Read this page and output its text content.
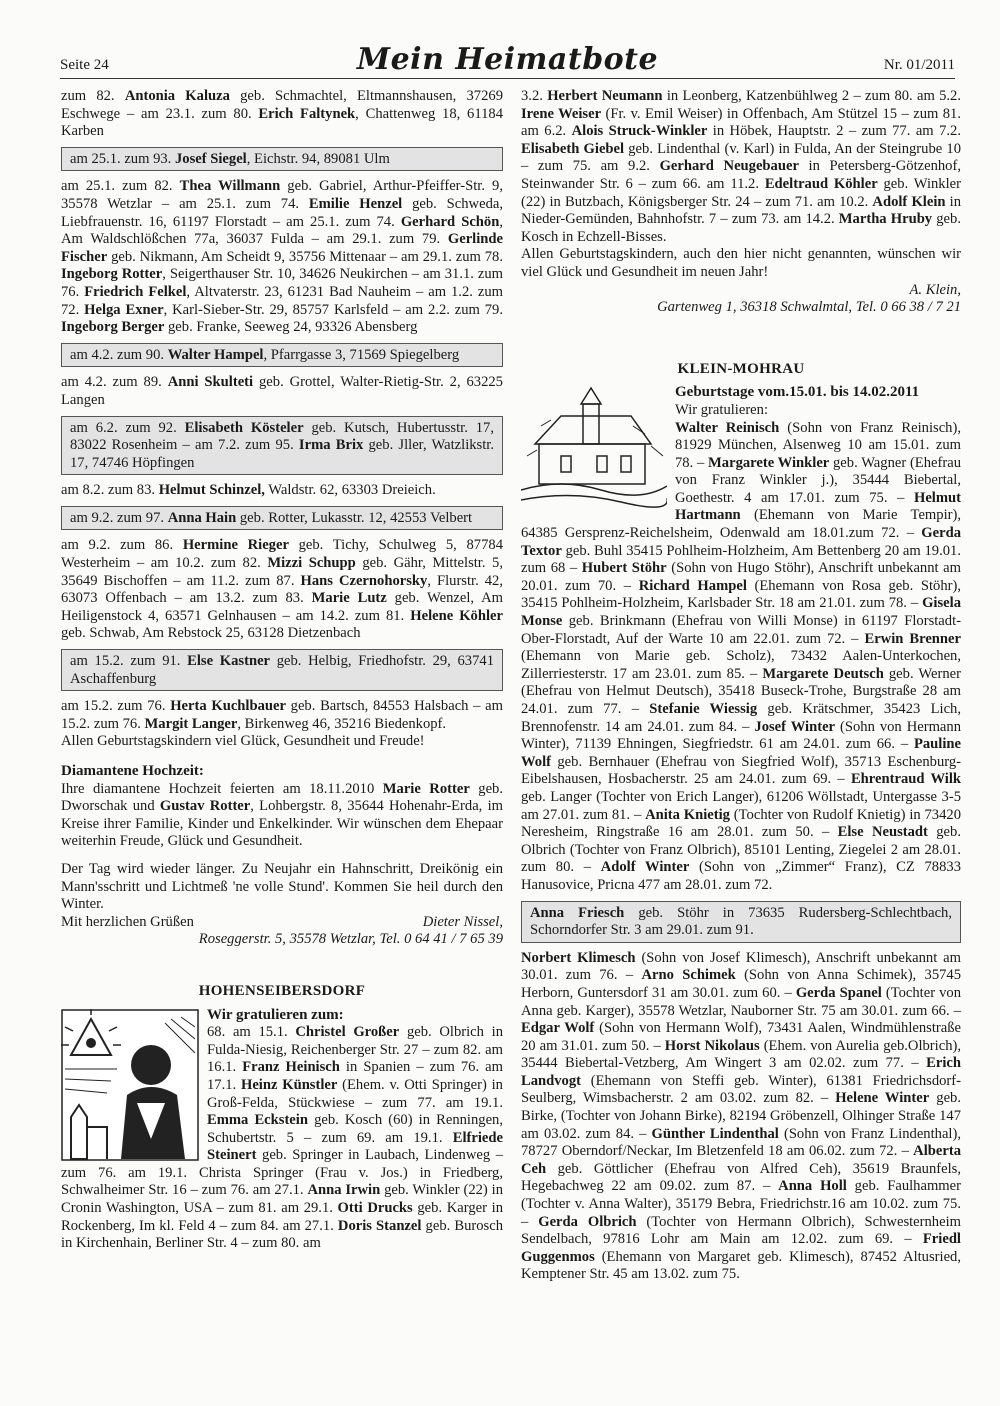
Seite 24	Mein Heimatbote	Nr. 01/2011

zum 82. Antonia Kaluza geb. Schmachtel, Eltmannshausen, 37269 Eschwege – am 23.1. zum 80. Erich Faltynek, Chattenweg 18, 61184 Karben

am 25.1. zum 93. Josef Siegel, Eichstr. 94, 89081 Ulm

am 25.1. zum 82. Thea Willmann geb. Gabriel, Arthur-Pfeiffer-Str. 9, 35578 Wetzlar – am 25.1. zum 74. Emilie Henzel geb. Schweda, Liebfrauenstr. 16, 61197 Florstadt – am 25.1. zum 74. Gerhard Schön, Am Waldschlößchen 77a, 36037 Fulda – am 29.1. zum 79. Gerlinde Fischer geb. Nikmann, Am Scheidt 9, 35756 Mittenaar – am 29.1. zum 78. Ingeborg Rotter, Seigerthauser Str. 10, 34626 Neukirchen – am 31.1. zum 76. Friedrich Felkel, Altvaterstr. 23, 61231 Bad Nauheim – am 1.2. zum 72. Helga Exner, Karl-Sieber-Str. 29, 85757 Karlsfeld – am 2.2. zum 79. Ingeborg Berger geb. Franke, Seeweg 24, 93326 Abensberg

am 4.2. zum 90. Walter Hampel, Pfarrgasse 3, 71569 Spiegelberg

am 4.2. zum 89. Anni Skulteti geb. Grottel, Walter-Rietig-Str. 2, 63225 Langen

am 6.2. zum 92. Elisabeth Kösteler geb. Kutsch, Hubertusstr. 17, 83022 Rosenheim – am 7.2. zum 95. Irma Brix geb. Jller, Watzlikstr. 17, 74746 Höpfingen

am 8.2. zum 83. Helmut Schinzel, Waldstr. 62, 63303 Dreieich.

am 9.2. zum 97. Anna Hain geb. Rotter, Lukasstr. 12, 42553 Velbert

am 9.2. zum 86. Hermine Rieger geb. Tichy, Schulweg 5, 87784 Westerheim – am 10.2. zum 82. Mizzi Schupp geb. Gähr, Mittelstr. 5, 35649 Bischoffen – am 11.2. zum 87. Hans Czernohorsky, Flurstr. 42, 63073 Offenbach – am 13.2. zum 83. Marie Lutz geb. Wenzel, Am Heiligenstock 4, 63571 Gelnhausen – am 14.2. zum 81. Helene Köhler geb. Schwab, Am Rebstock 25, 63128 Dietzenbach

am 15.2. zum 91. Else Kastner geb. Helbig, Friedhofstr. 29, 63741 Aschaffenburg

am 15.2. zum 76. Herta Kuchlbauer geb. Bartsch, 84553 Halsbach – am 15.2. zum 76. Margit Langer, Birkenweg 46, 35216 Biedenkopf.

Allen Geburtstagskindern viel Glück, Gesundheit und Freude!

Diamantene Hochzeit:

Ihre diamantene Hochzeit feierten am 18.11.2010 Marie Rotter geb. Dworschak und Gustav Rotter, Lohbergstr. 8, 35644 Hohenahr-Erda, im Kreise ihrer Familie, Kinder und Enkelkinder. Wir wünschen dem Ehepaar weiterhin Freude, Glück und Gesundheit.

Der Tag wird wieder länger. Zu Neujahr ein Hahnschritt, Dreikönig ein Mann'sschritt und Lichtmeß 'ne volle Stund'. Kommen Sie heil durch den Winter.

Mit herzlichen Grüßen	Dieter Nissel,

Roseggerstr. 5, 35578 Wetzlar, Tel. 0 64 41 / 7 65 39

HOHENSEIBERSDORF
Wir gratulieren zum:

68. am 15.1. Christel Großer geb. Olbrich in Fulda-Niesig, Reichenberger Str. 27 – zum 82. am 16.1. Franz Heinisch in Spanien – zum 76. am 17.1. Heinz Künstler (Ehem. v. Otti Springer) in Groß-Felda, Stückwiese – zum 77. am 19.1. Emma Eckstein geb. Kosch (60) in Renningen, Schubertstr. 5 – zum 69. am 19.1. Elfriede Steinert geb. Springer in Laubach, Lindenweg – zum 76. am 19.1. Christa Springer (Frau v. Jos.) in Friedberg, Schwalheimer Str. 16 – zum 76. am 27.1. Anna Irwin geb. Winkler (22) in Cronin Washington, USA – zum 81. am 29.1. Otti Drucks geb. Karger in Rockenberg, Im kl. Feld 4 – zum 84. am 27.1. Doris Stanzel geb. Burosch in Kirchenhain, Berliner Str. 4 – zum 80. am

3.2. Herbert Neumann in Leonberg, Katzenbühlweg 2 – zum 80. am 5.2. Irene Weiser (Fr. v. Emil Weiser) in Offenbach, Am Stützel 15 – zum 81. am 6.2. Alois Struck-Winkler in Höbek, Hauptstr. 2 – zum 77. am 7.2. Elisabeth Giebel geb. Lindenthal (v. Karl) in Fulda, An der Steingrube 10 – zum 75. am 9.2. Gerhard Neugebauer in Petersberg-Götzenhof, Steinwander Str. 6 – zum 66. am 11.2. Edeltraud Köhler geb. Winkler (22) in Butzbach, Königsberger Str. 24 – zum 71. am 10.2. Adolf Klein in Nieder-Gemünden, Bahnhofstr. 7 – zum 73. am 14.2. Martha Hruby geb. Kosch in Echzell-Bisses.

Allen Geburtstagskindern, auch den hier nicht genannten, wünschen wir viel Glück und Gesundheit im neuen Jahr!

A. Klein,

Gartenweg 1, 36318 Schwalmtal, Tel. 0 66 38 / 7 21

KLEIN-MOHRAU
Geburtstage vom.15.01. bis 14.02.2011

Wir gratulieren:

Walter Reinisch (Sohn von Franz Reinisch), 81929 München, Alsenweg 10 am 15.01. zum 78. – Margarete Winkler geb. Wagner (Ehefrau von Franz Winkler j.), 35444 Biebertal, Goethestr. 4 am 17.01. zum 75. – Helmut Hartmann (Ehemann von Marie Tempir), 64385 Gersprenz-Reichelsheim, Odenwald am 18.01.zum 72. – Gerda Textor geb. Buhl 35415 Pohlheim-Holzheim, Am Bettenberg 20 am 19.01. zum 68 – Hubert Stöhr (Sohn von Hugo Stöhr), Anschrift unbekannt am 20.01. zum 70. – Richard Hampel (Ehemann von Rosa geb. Stöhr), 35415 Pohlheim-Holzheim, Karlsbader Str. 18 am 21.01. zum 78. – Gisela Monse geb. Brinkmann (Ehefrau von Willi Monse) in 61197 Florstadt-Ober-Florstadt, Auf der Warte 10 am 22.01. zum 72. – Erwin Brenner (Ehemann von Marie geb. Scholz), 73432 Aalen-Unterkochen, Zillerriesterstr. 17 am 23.01. zum 85. – Margarete Deutsch geb. Werner (Ehefrau von Helmut Deutsch), 35418 Buseck-Trohe, Burgstraße 28 am 24.01. zum 77. – Stefanie Wiessig geb. Krätschmer, 35423 Lich, Brennofenstr. 14 am 24.01. zum 84. – Josef Winter (Sohn von Hermann Winter), 71139 Ehningen, Siegfriedstr. 61 am 24.01. zum 66. – Pauline Wolf geb. Bernhauer (Ehefrau von Siegfried Wolf), 35713 Eschenburg-Eibelshausen, Hosbacherstr. 25 am 24.01. zum 69. – Ehrentraud Wilk geb. Langer (Tochter von Erich Langer), 61206 Wöllstadt, Untergasse 3-5 am 27.01. zum 81. – Anita Knietig (Tochter von Rudolf Knietig) in 73420 Neresheim, Ringstraße 16 am 28.01. zum 50. – Else Neustadt geb. Olbrich (Tochter von Franz Olbrich), 85101 Lenting, Ziegelei 2 am 28.01. zum 80. – Adolf Winter (Sohn von „Zimmer“ Franz), CZ 78833 Hanusovice, Pricna 477 am 28.01. zum 72.

Anna Friesch geb. Stöhr in 73635 Rudersberg-Schlechtbach, Schorndorfer Str. 3 am 29.01. zum 91.

Norbert Klimesch (Sohn von Josef Klimesch), Anschrift unbekannt am 30.01. zum 76. – Arno Schimek (Sohn von Anna Schimek), 35745 Herborn, Guntersdorf 31 am 30.01. zum 60. – Gerda Spanel (Tochter von Anna geb. Karger), 35578 Wetzlar, Nauborner Str. 75 am 30.01. zum 66. – Edgar Wolf (Sohn von Hermann Wolf), 73431 Aalen, Windmühlenstraße 20 am 31.01. zum 50. – Horst Nikolaus (Ehem. von Aurelia geb.Olbrich), 35444 Biebertal-Vetzberg, Am Wingert 3 am 02.02. zum 77. – Erich Landvogt (Ehemann von Steffi geb. Winter), 61381 Friedrichsdorf-Seulberg, Wimsbacherstr. 2 am 03.02. zum 82. – Helene Winter geb. Birke, (Tochter von Johann Birke), 82194 Gröbenzell, Olhinger Straße 147 am 03.02. zum 84. – Günther Lindenthal (Sohn von Franz Lindenthal), 78727 Oberndorf/Neckar, Im Bletzenfeld 18 am 06.02. zum 72. – Alberta Ceh geb. Göttlicher (Ehefrau von Alfred Ceh), 35619 Braunfels, Hegebachweg 22 am 09.02. zum 87. – Anna Holl geb. Faulhammer (Tochter v. Anna Walter), 35179 Bebra, Friedrichstr.16 am 10.02. zum 75. – Gerda Olbrich (Tochter von Hermann Olbrich), Schwesternheim Sendelbach, 97816 Lohr am Main am 12.02. zum 69. – Friedl Guggenmos (Ehemann von Margaret geb. Klimesch), 87452 Altusried, Kemptener Str. 45 am 13.02. zum 75.
